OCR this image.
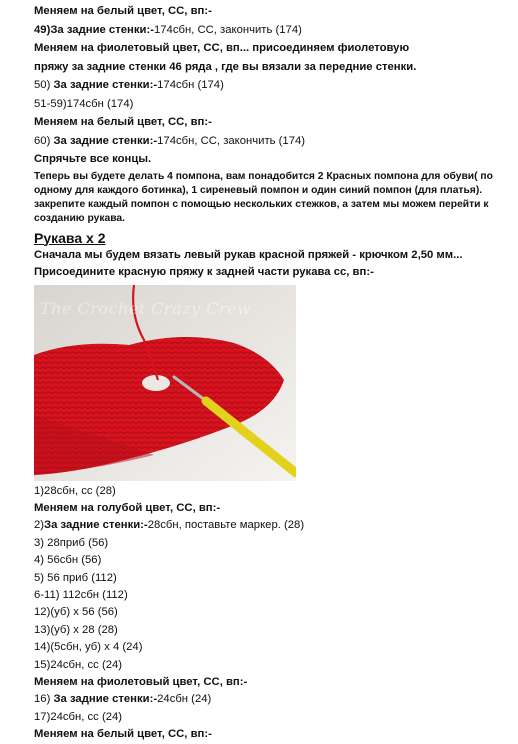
Меняем на белый цвет, СС, вп:-
49)За задние стенки:-174сбн, СС, закончить (174)
Меняем на фиолетовый цвет, СС, вп... присоединяем фиолетовую
пряжу за задние стенки 46 ряда , где вы вязали за передние стенки.
50) За задние стенки:-174сбн (174)
51-59)174сбн (174)
Меняем на белый цвет, СС, вп:-
60) За задние стенки:-174сбн, СС, закончить (174)
Спрячьте все концы.
Теперь вы будете делать 4 помпона, вам понадобится 2 Красных помпона для обуви( по одному для каждого ботинка), 1 сиреневый помпон и один синий помпон (для платья). закрепите каждый помпон с помощью нескольких стежков, а затем мы можем перейти к созданию рукава.
Рукава х 2
Сначала мы будем вязать левый рукав красной пряжей - крючком 2,50 мм... Присоедините красную пряжу к задней части рукава сс, вп:-
The Crochet Crazy Crew
1)28сбн, сс (28)
Меняем на голубой цвет, СС, вп:-
2)За задние стенки:-28сбн, поставьте маркер. (28)
3) 28приб (56)
4) 56сбн (56)
5) 56 приб (112)
6-11) 112сбн (112)
12)(уб) х 56 (56)
13)(уб) х 28 (28)
14)(5сбн, уб) х 4 (24)
15)24сбн, сс (24)
Меняем на фиолетовый цвет, СС, вп:-
16) За задние стенки:-24сбн (24)
17)24сбн, сс (24)
Меняем на белый цвет, СС, вп:-
